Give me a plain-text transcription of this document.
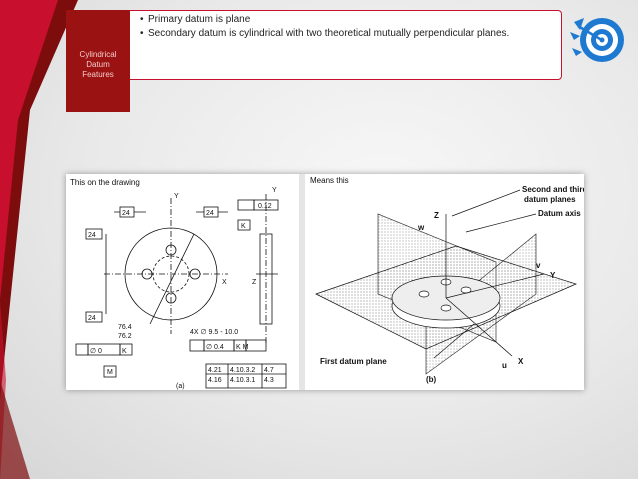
Cylindrical
Datum
Features
• Primary datum is plane
• Secondary datum is cylindrical with two theoretical mutually perpendicular planes.
This on the drawing
24	24
24
24
Y
X	Z
Y
0.12
K
76.4
76.2
4X ∅ 9.5 - 10.0
∅ 0.4 K M
∅ 0	K
M	4.21 4.10.3.2 4.7
4.16 4.10.3.1 4.3
(a)
Means this
Second and third
datum planes
Datum axis
First datum plane
Z
w
v
Y
u X
(b)
